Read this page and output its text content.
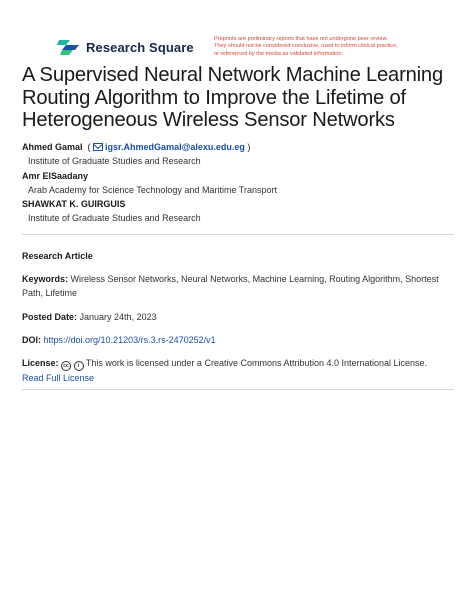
Research Square
Preprints are preliminary reports that have not undergone peer review.
They should not be considered conclusive, used to inform clinical practice,
or referenced by the media as validated information.
A Supervised Neural Network Machine Learning
Routing Algorithm to Improve the Lifetime of
Heterogeneous Wireless Sensor Networks
Ahmed Gamal  ( igsr.AhmedGamal@alexu.edu.eg )
Institute of Graduate Studies and Research
Amr ElSaadany
Arab Academy for Science Technology and Maritime Transport
SHAWKAT K. GUIRGUIS
Institute of Graduate Studies and Research
Research Article
Keywords: Wireless Sensor Networks, Neural Networks, Machine Learning, Routing Algorithm, Shortest
Path, Lifetime
Posted Date: January 24th, 2023
DOI: https://doi.org/10.21203/rs.3.rs-2470252/v1
License: cc i This work is licensed under a Creative Commons Attribution 4.0 International License.
Read Full License
